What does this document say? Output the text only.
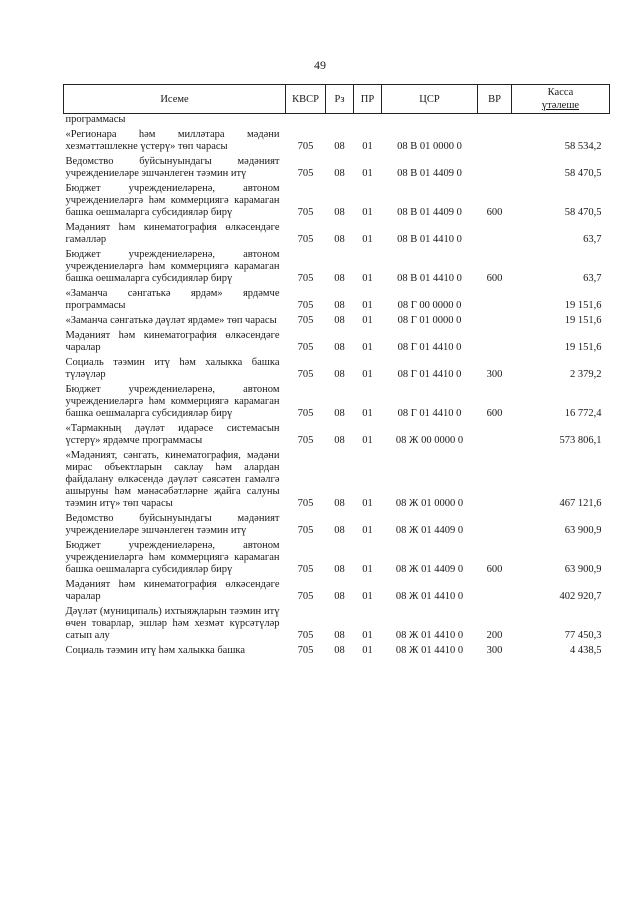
49
Исеме	КВСР	Рз	ПР	ЦСР	ВР	Касса
үтәлеше
программасы						
«Регионара һәм милләтара мәдәни хезмәттәшлекне үстерү» төп чарасы	705	08	01	08 В 01 0000 0		58 534,2
Ведомство буйсынуындагы мәдәният учреждениеләре эшчәнлеген тәэмин итү	705	08	01	08 В 01 4409 0		58 470,5
Бюджет учреждениеләренә, автоном учреждениеләргә һәм коммерциягә карамаган башка оешмаларга субсидияләр бирү	705	08	01	08 В 01 4409 0	600	58 470,5
Мәдәният һәм кинематография өлкәсендәге гамәлләр	705	08	01	08 В 01 4410 0		63,7
Бюджет учреждениеләренә, автоном учреждениеләргә һәм коммерциягә карамаган башка оешмаларга субсидияләр бирү	705	08	01	08 В 01 4410 0	600	63,7
«Заманча сәнгатькә ярдәм» ярдәмче программасы	705	08	01	08 Г 00 0000 0		19 151,6
«Заманча сәнгатькә дәүләт ярдәме» төп чарасы	705	08	01	08 Г 01 0000 0		19 151,6
Мәдәният һәм кинематография өлкәсендәге чаралар	705	08	01	08 Г 01 4410 0		19 151,6
Социаль тәэмин итү һәм халыкка башка түләүләр	705	08	01	08 Г 01 4410 0	300	2 379,2
Бюджет учреждениеләренә, автоном учреждениеләргә һәм коммерциягә карамаган башка оешмаларга субсидияләр бирү	705	08	01	08 Г 01 4410 0	600	16 772,4
«Тармакның дәүләт идарәсе системасын үстерү» ярдәмче программасы	705	08	01	08 Ж 00 0000 0		573 806,1
«Мәдәният, сәнгать, кинематография, мәдәни мирас объектларын саклау һәм алардан файдалану өлкәсендә дәүләт сәясәтен гамәлгә ашыруны һәм мәнәсәбәтләрне җайга салуны тәэмин итү» төп чарасы	705	08	01	08 Ж 01 0000 0		467 121,6
Ведомство буйсынуындагы мәдәният учреждениеләре эшчәнлеген тәэмин итү	705	08	01	08 Ж 01 4409 0		63 900,9
Бюджет учреждениеләренә, автоном учреждениеләргә һәм коммерциягә карамаган башка оешмаларга субсидияләр бирү	705	08	01	08 Ж 01 4409 0	600	63 900,9
Мәдәният һәм кинематография өлкәсендәге чаралар	705	08	01	08 Ж 01 4410 0		402 920,7
Дәүләт (муниципаль) ихтыяҗларын тәэмин итү өчен товарлар, эшләр һәм хезмәт күрсәтүләр сатып алу	705	08	01	08 Ж 01 4410 0	200	77 450,3
Социаль тәэмин итү һәм халыкка башка	705	08	01	08 Ж 01 4410 0	300	4 438,5
